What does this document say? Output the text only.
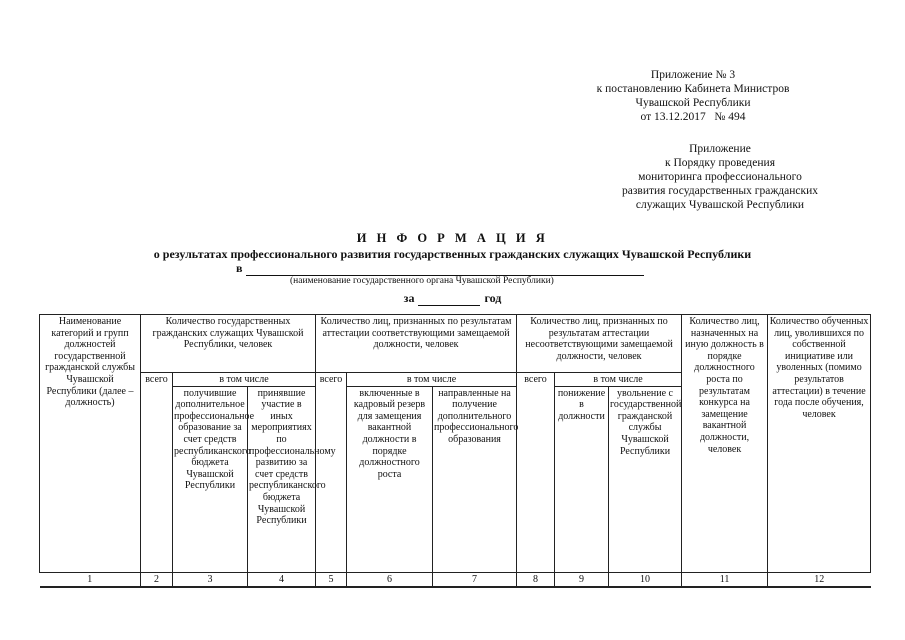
Приложение № 3
к постановлению Кабинета Министров
Чувашской Республики
от 13.12.2017   № 494
Приложение
к Порядку проведения
мониторинга профессионального
развития государственных гражданских
служащих Чувашской Республики
И Н Ф О Р М А Ц И Я
о результатах профессионального развития государственных гражданских служащих Чувашской Республики
в
(наименование государственного органа Чувашской Республики)
за	год
Наименование категорий и групп должностей государственной гражданской службы Чувашской Республики (далее – должность)	Количество государственных гражданских служащих Чувашской Республики, человек			Количество лиц, признанных по результатам аттестации соответствующими замещаемой должности, человек			Количество лиц, признанных по результатам аттестации несоответствующими замещаемой должности, человек			Количество лиц, назначенных на иную должность в порядке должностного роста по результатам конкурса на замещение вакантной должности, человек	Количество обученных лиц, уволившихся по собственной инициативе или уволенных (помимо результатов аттестации) в течение года после обучения, человек
	всего	в том числе		всего	в том числе		всего	в том числе			
		получившие дополнительное профессиональное образование за счет средств республиканского бюджета Чувашской Республики	принявшие участие в иных мероприятиях по профессиональному развитию за счет средств республиканского бюджета Чувашской Республики		включенные в кадровый резерв для замещения вакантной должности в порядке должностного роста	направленные на получение дополнительного профессионального образования		понижение в должности	увольнение с государственной гражданской службы Чувашской Республики		
1	2	3	4	5	6	7	8	9	10	11	12
